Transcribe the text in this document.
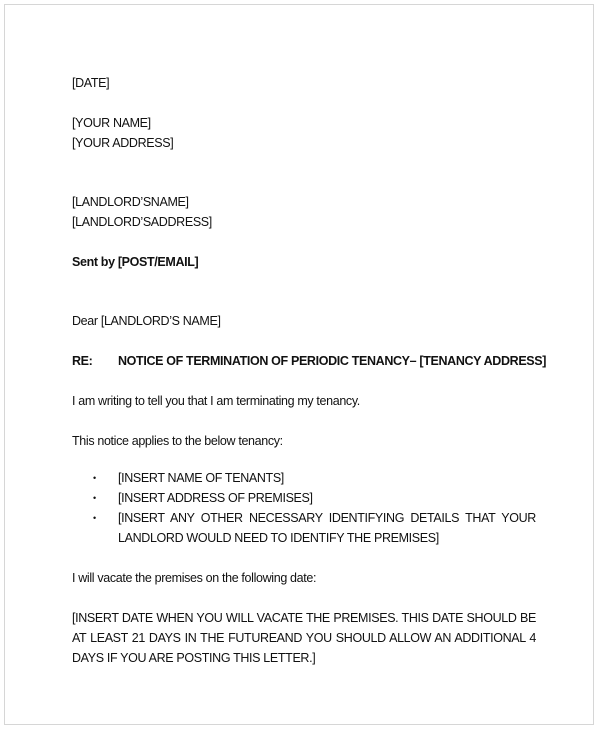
[DATE]
[YOUR NAME]
[YOUR ADDRESS]
[LANDLORD’SNAME]
[LANDLORD’SADDRESS]
Sent by [POST/EMAIL]
Dear [LANDLORD’S NAME]
RE:	NOTICE OF TERMINATION OF PERIODIC TENANCY– [TENANCY ADDRESS]
I am writing to tell you that I am terminating my tenancy.
This notice applies to the below tenancy:
•	[INSERT NAME OF TENANTS]
•	[INSERT ADDRESS OF PREMISES]
•	[INSERT ANY OTHER NECESSARY IDENTIFYING DETAILS THAT YOUR LANDLORD WOULD NEED TO IDENTIFY THE PREMISES]
I will vacate the premises on the following date:
[INSERT DATE WHEN YOU WILL VACATE THE PREMISES. THIS DATE SHOULD BE AT LEAST 21 DAYS IN THE FUTUREAND YOU SHOULD ALLOW AN ADDITIONAL 4 DAYS IF YOU ARE POSTING THIS LETTER.]
